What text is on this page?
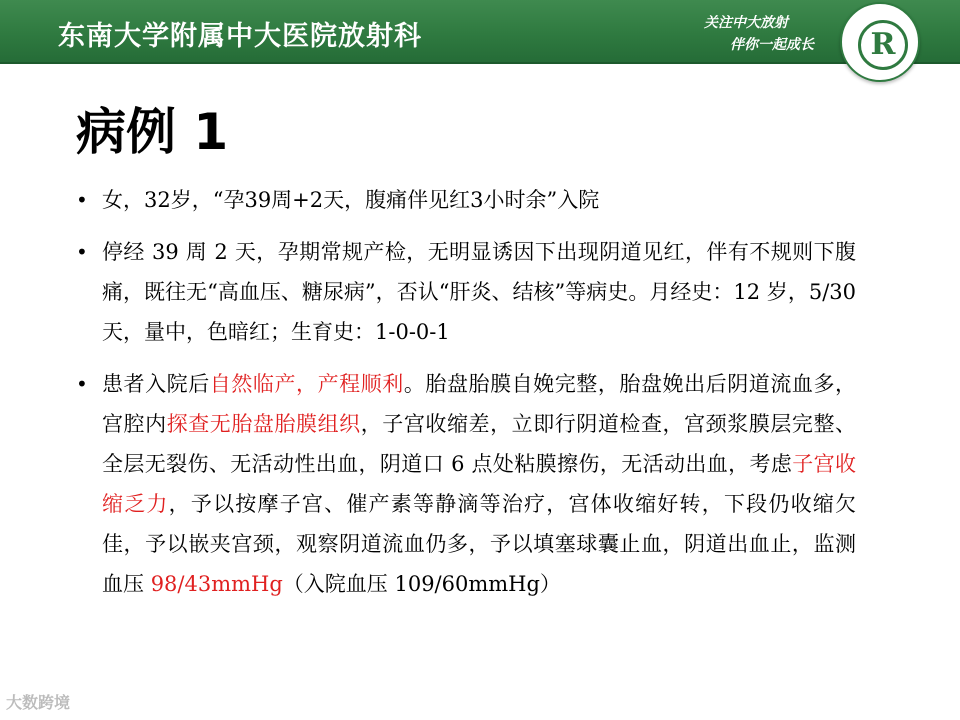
东南大学附属中大医院放射科	关注中大放射
伴你一起成长	R
病例 1
• 女，32岁，“孕39周+2天，腹痛伴见红3小时余”入院
• 停经 39 周 2 天，孕期常规产检，无明显诱因下出现阴道见红，伴有不规则下腹痛，既往无“高血压、糖尿病”，否认“肝炎、结核”等病史。月经史：12 岁，5/30 天，量中，色暗红；生育史：1-0-0-1
• 患者入院后自然临产，产程顺利。胎盘胎膜自娩完整，胎盘娩出后阴道流血多，宫腔内探查无胎盘胎膜组织，子宫收缩差，立即行阴道检查，宫颈浆膜层完整、全层无裂伤、无活动性出血，阴道口 6 点处粘膜擦伤，无活动出血，考虑子宫收缩乏力，予以按摩子宫、催产素等静滴等治疗，宫体收缩好转，下段仍收缩欠佳，予以嵌夹宫颈，观察阴道流血仍多，予以填塞球囊止血，阴道出血止，监测血压 98/43mmHg（入院血压 109/60mmHg）
大数跨境
